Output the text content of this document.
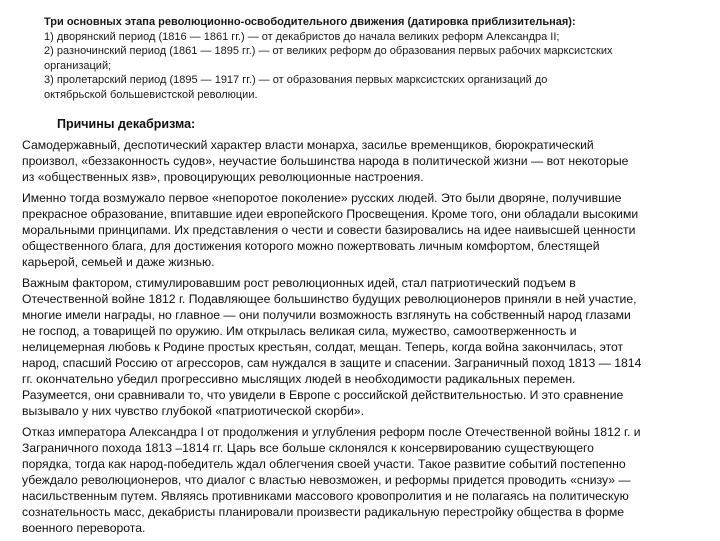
Три основных этапа революционно-освободительного движения (датировка приблизительная):
1) дворянский период (1816 — 1861 гг.) — от декабристов до начала великих реформ Александра II;
2) разночинский период (1861 — 1895 гг.) — от великих реформ до образования первых рабочих марксистских
организаций;
3) пролетарский период (1895 — 1917 гг.) — от образования первых марксистских организаций до
октябрьской большевистской революции.
Причины декабризма:

Самодержавный, деспотический характер власти монарха, засилье временщиков, бюрократический
произвол, «беззаконность судов», неучастие большинства народа в политической жизни — вот некоторые
из «общественных язв», провоцирующих революционные настроения.

Именно тогда возмужало первое «непоротое поколение» русских людей. Это были дворяне, получившие
прекрасное образование, впитавшие идеи европейского Просвещения. Кроме того, они обладали высокими
моральными принципами. Их представления о чести и совести базировались на идее наивысшей ценности
общественного блага, для достижения которого можно пожертвовать личным комфортом, блестящей
карьерой, семьей и даже жизнью.

Важным фактором, стимулировавшим рост революционных идей, стал патриотический подъем в
Отечественной войне 1812 г. Подавляющее большинство будущих революционеров приняли в ней участие,
многие имели награды, но главное — они получили возможность взглянуть на собственный народ глазами
не господ, а товарищей по оружию. Им открылась великая сила, мужество, самоотверженность и
нелицемерная любовь к Родине простых крестьян, солдат, мещан. Теперь, когда война закончилась, этот
народ, спасший Россию от агрессоров, сам нуждался в защите и спасении. Заграничный поход 1813 — 1814
гг. окончательно убедил прогрессивно мыслящих людей в необходимости радикальных перемен.
Разумеется, они сравнивали то, что увидели в Европе с российской действительностью. И это сравнение
вызывало у них чувство глубокой «патриотической скорби».

Отказ императора Александра I от продолжения и углубления реформ после Отечественной войны 1812 г. и
Заграничного похода 1813 –1814 гг. Царь все больше склонялся к консервированию существующего
порядка, тогда как народ-победитель ждал облегчения своей участи. Такое развитие событий постепенно
убеждало революционеров, что диалог с властью невозможен, и реформы придется проводить «снизу» —
насильственным путем. Являясь противниками массового кровопролития и не полагаясь на политическую
сознательность масс, декабристы планировали произвести радикальную перестройку общества в форме
военного переворота.
